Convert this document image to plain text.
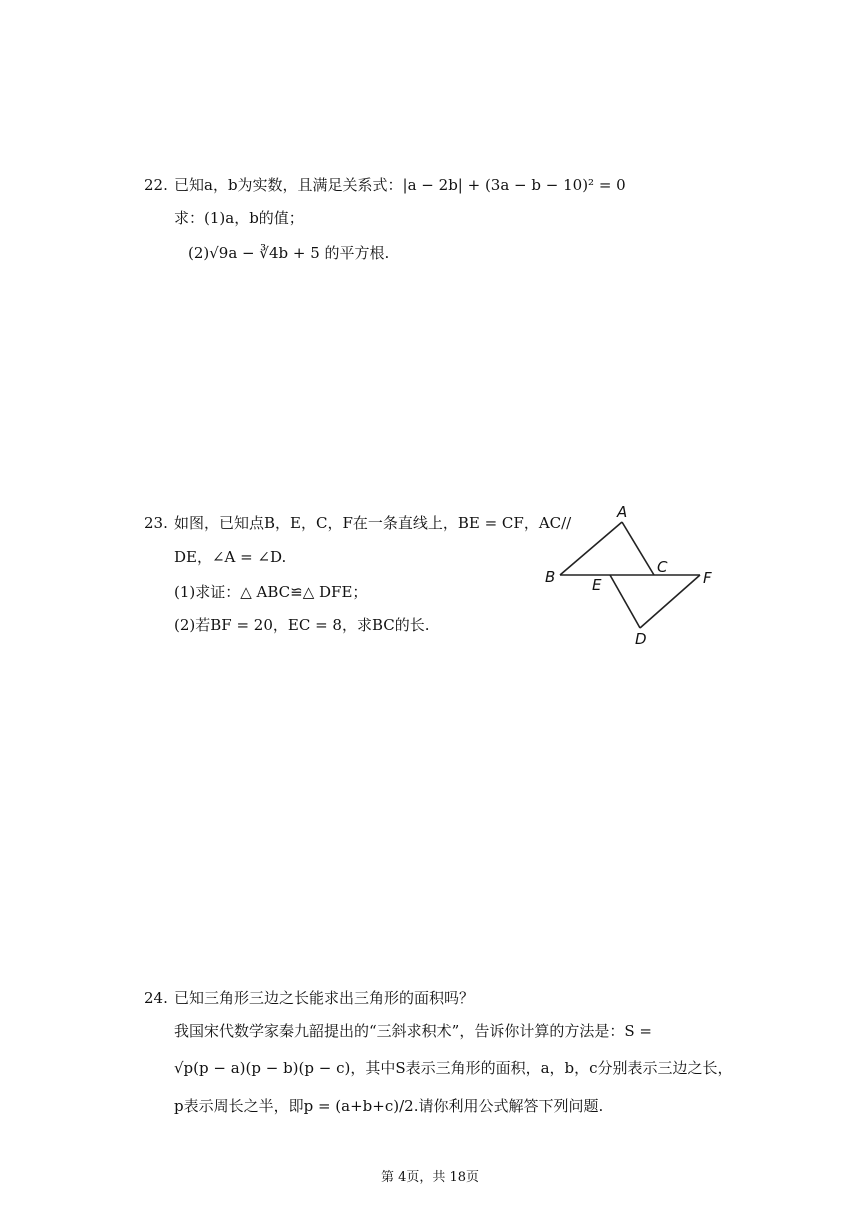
22. 已知a，b为实数，且满足关系式：|a − 2b| + (3a − b − 10)² = 0
求：(1)a，b的值；
(2)√9a − ∛4b + 5 的平方根.
23. 如图，已知点B，E，C，F在一条直线上，BE = CF，AC//
DE，∠A = ∠D.
(1)求证：△ ABC≌△ DFE；
(2)若BF = 20，EC = 8，求BC的长.
A
B
C
E	F
D
24. 已知三角形三边之长能求出三角形的面积吗？
我国宋代数学家秦九韶提出的“三斜求积术”，告诉你计算的方法是：S =
√p(p − a)(p − b)(p − c)，其中S表示三角形的面积，a，b，c分别表示三边之长，
p表示周长之半，即p = (a+b+c)/2.请你利用公式解答下列问题.
第 4页，共 18页
